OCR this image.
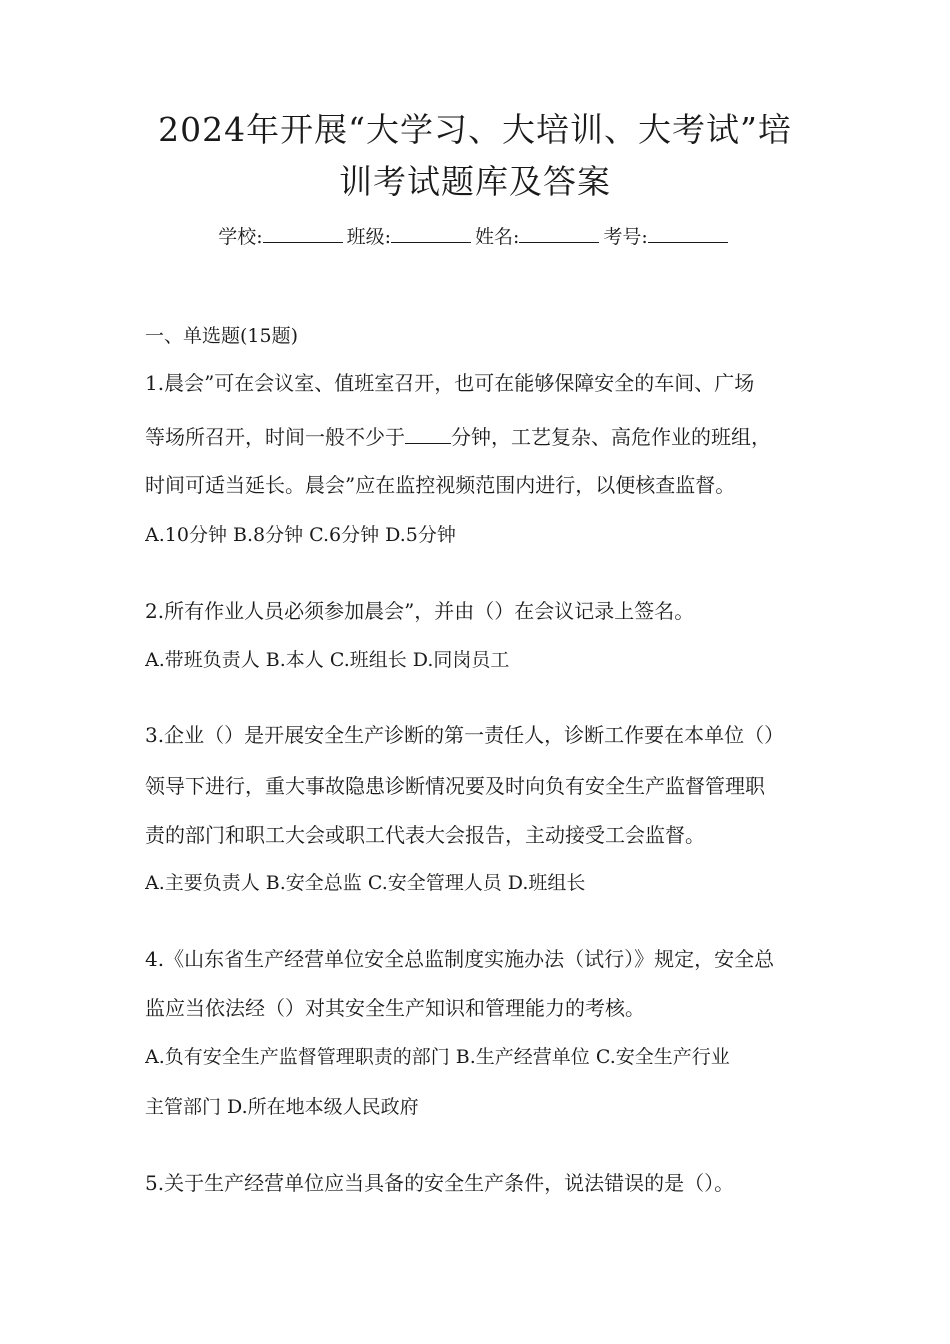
2024年开展“大学习、大培训、大考试”培
训考试题库及答案
学校:	班级:	姓名:	考号:
一、单选题(15题)
1.晨会”可在会议室、值班室召开，也可在能够保障安全的车间、广场
等场所召开，时间一般不少于 分钟，工艺复杂、高危作业的班组，
时间可适当延长。晨会”应在监控视频范围内进行，以便核查监督。
A.10分钟 B.8分钟 C.6分钟 D.5分钟
2.所有作业人员必须参加晨会”，并由（）在会议记录上签名。
A.带班负责人 B.本人 C.班组长 D.同岗员工
3.企业（）是开展安全生产诊断的第一责任人，诊断工作要在本单位（）
领导下进行，重大事故隐患诊断情况要及时向负有安全生产监督管理职
责的部门和职工大会或职工代表大会报告，主动接受工会监督。
A.主要负责人 B.安全总监 C.安全管理人员 D.班组长
4.《山东省生产经营单位安全总监制度实施办法（试行）》规定，安全总
监应当依法经（）对其安全生产知识和管理能力的考核。
A.负有安全生产监督管理职责的部门 B.生产经营单位 C.安全生产行业
主管部门 D.所在地本级人民政府
5.关于生产经营单位应当具备的安全生产条件，说法错误的是（）。
